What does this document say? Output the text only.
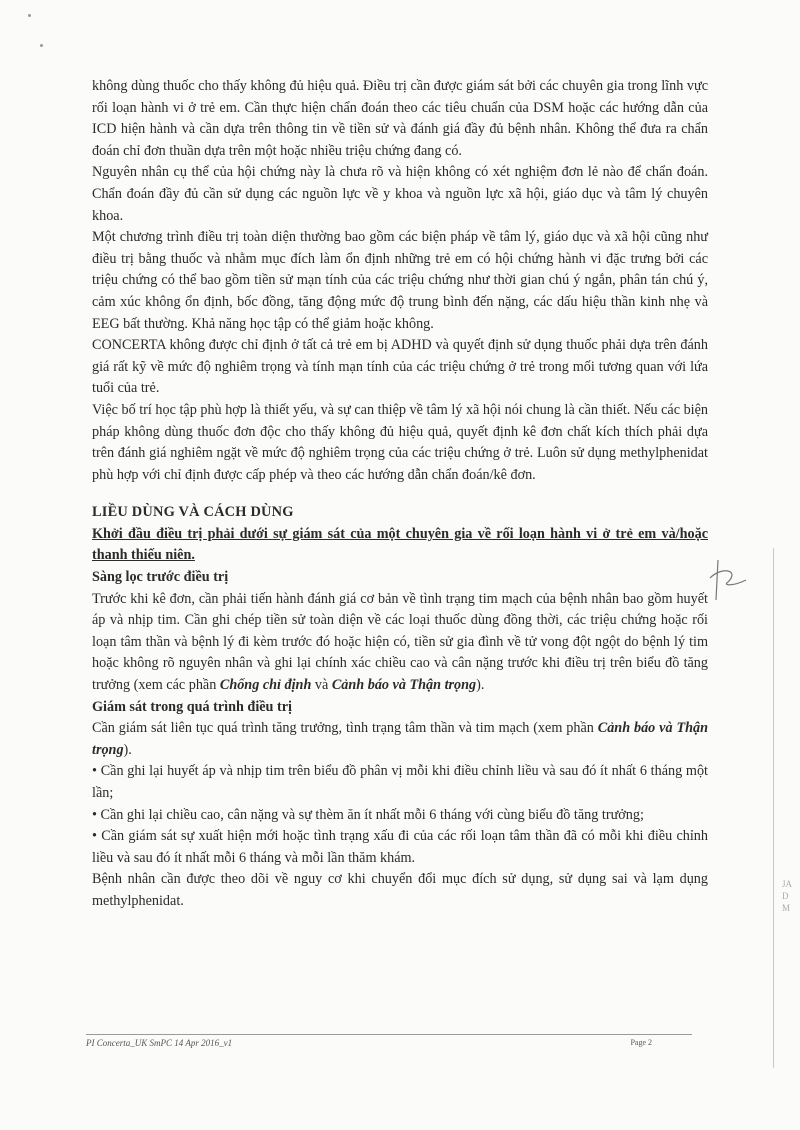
không dùng thuốc cho thấy không đủ hiệu quả. Điều trị cần được giám sát bởi các chuyên gia trong lĩnh vực rối loạn hành vi ở trẻ em. Cần thực hiện chẩn đoán theo các tiêu chuẩn của DSM hoặc các hướng dẫn của ICD hiện hành và cần dựa trên thông tin về tiền sử và đánh giá đầy đủ bệnh nhân. Không thể đưa ra chẩn đoán chỉ đơn thuần dựa trên một hoặc nhiều triệu chứng đang có.

Nguyên nhân cụ thể của hội chứng này là chưa rõ và hiện không có xét nghiệm đơn lẻ nào để chẩn đoán. Chẩn đoán đầy đủ cần sử dụng các nguồn lực về y khoa và nguồn lực xã hội, giáo dục và tâm lý chuyên khoa.

Một chương trình điều trị toàn diện thường bao gồm các biện pháp về tâm lý, giáo dục và xã hội cũng như điều trị bằng thuốc và nhằm mục đích làm ổn định những trẻ em có hội chứng hành vi đặc trưng bởi các triệu chứng có thể bao gồm tiền sử mạn tính của các triệu chứng như thời gian chú ý ngắn, phân tán chú ý, cảm xúc không ổn định, bốc đồng, tăng động mức độ trung bình đến nặng, các dấu hiệu thần kinh nhẹ và EEG bất thường. Khả năng học tập có thể giảm hoặc không.

CONCERTA không được chỉ định ở tất cả trẻ em bị ADHD và quyết định sử dụng thuốc phải dựa trên đánh giá rất kỹ về mức độ nghiêm trọng và tính mạn tính của các triệu chứng ở trẻ trong mối tương quan với lứa tuổi của trẻ.

Việc bố trí học tập phù hợp là thiết yếu, và sự can thiệp về tâm lý xã hội nói chung là cần thiết. Nếu các biện pháp không dùng thuốc đơn độc cho thấy không đủ hiệu quả, quyết định kê đơn chất kích thích phải dựa trên đánh giá nghiêm ngặt về mức độ nghiêm trọng của các triệu chứng ở trẻ. Luôn sử dụng methylphenidat phù hợp với chỉ định được cấp phép và theo các hướng dẫn chẩn đoán/kê đơn.

LIỀU DÙNG VÀ CÁCH DÙNG

Khởi đầu điều trị phải dưới sự giám sát của một chuyên gia về rối loạn hành vi ở trẻ em và/hoặc thanh thiếu niên.

Sàng lọc trước điều trị

Trước khi kê đơn, cần phải tiến hành đánh giá cơ bản về tình trạng tim mạch của bệnh nhân bao gồm huyết áp và nhịp tim. Cần ghi chép tiền sử toàn diện về các loại thuốc dùng đồng thời, các triệu chứng hoặc rối loạn tâm thần và bệnh lý đi kèm trước đó hoặc hiện có, tiền sử gia đình về tử vong đột ngột do bệnh lý tim hoặc không rõ nguyên nhân và ghi lại chính xác chiều cao và cân nặng trước khi điều trị trên biểu đồ tăng trưởng (xem các phần Chống chỉ định và Cảnh báo và Thận trọng).

Giám sát trong quá trình điều trị

Cần giám sát liên tục quá trình tăng trưởng, tình trạng tâm thần và tim mạch (xem phần Cảnh báo và Thận trọng).

• Cần ghi lại huyết áp và nhịp tim trên biểu đồ phân vị mỗi khi điều chỉnh liều và sau đó ít nhất 6 tháng một lần;

• Cần ghi lại chiều cao, cân nặng và sự thèm ăn ít nhất mỗi 6 tháng với cùng biểu đồ tăng trưởng;

• Cần giám sát sự xuất hiện mới hoặc tình trạng xấu đi của các rối loạn tâm thần đã có mỗi khi điều chỉnh liều và sau đó ít nhất mỗi 6 tháng và mỗi lần thăm khám.

Bệnh nhân cần được theo dõi về nguy cơ khi chuyển đổi mục đích sử dụng, sử dụng sai và lạm dụng methylphenidat.

PI Concerta_UK SmPC 14 Apr 2016_v1	Page 2
JA D M
